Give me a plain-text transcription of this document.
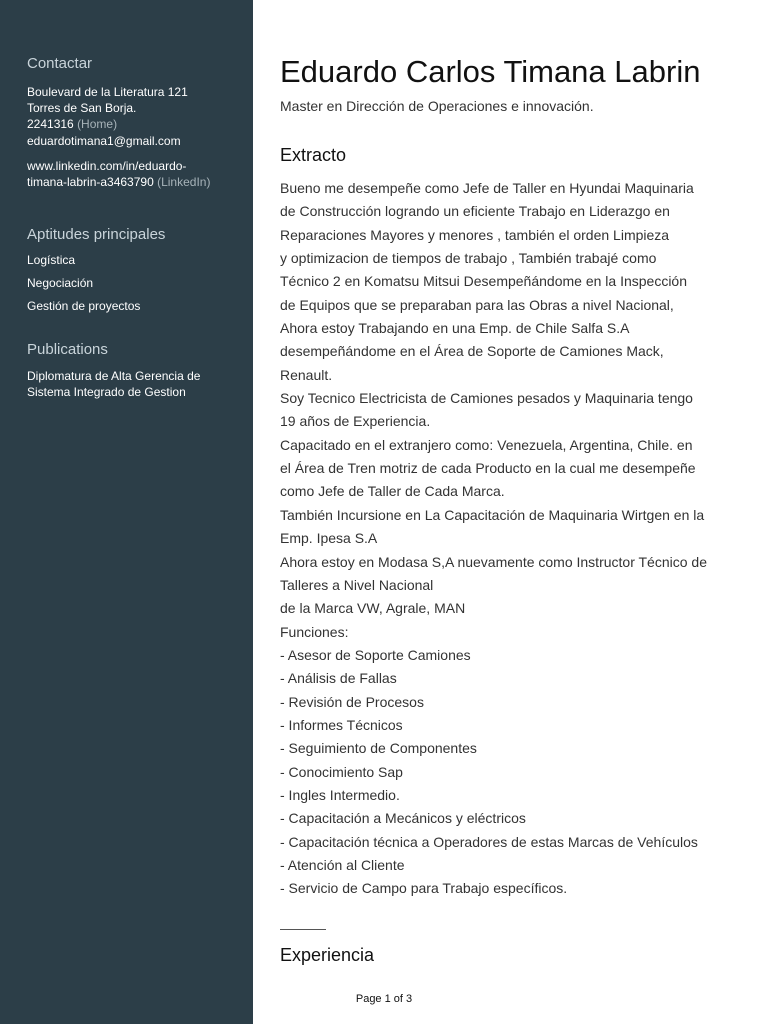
Contactar
Boulevard de la Literatura 121
Torres de San Borja.
2241316 (Home)
eduardotimana1@gmail.com
www.linkedin.com/in/eduardo-
timana-labrin-a3463790 (LinkedIn)
Aptitudes principales
Logística
Negociación
Gestión de proyectos
Publications
Diplomatura de Alta Gerencia de
Sistema Integrado de Gestion
Eduardo Carlos Timana Labrin
Master en Dirección de Operaciones e innovación.
Extracto
Bueno me desempeñe como Jefe de Taller en Hyundai Maquinaria
de Construcción logrando un eficiente Trabajo en Liderazgo en
Reparaciones Mayores y menores , también el orden Limpieza
y optimizacion de tiempos de trabajo , También trabajé como
Técnico 2 en Komatsu Mitsui Desempeñándome en la Inspección
de Equipos que se preparaban para las Obras a nivel Nacional,
Ahora estoy Trabajando en una Emp. de Chile Salfa S.A
desempeñándome en el Área de Soporte de Camiones Mack,
Renault.
Soy Tecnico Electricista de Camiones pesados y Maquinaria tengo
19 años de Experiencia.
Capacitado en el extranjero como: Venezuela, Argentina, Chile. en
el Área de Tren motriz de cada Producto en la cual me desempeñe
como Jefe de Taller de Cada Marca.
También Incursione en La Capacitación de Maquinaria Wirtgen en la
Emp. Ipesa S.A
Ahora estoy en Modasa S,A nuevamente como Instructor Técnico de
Talleres a Nivel Nacional
de la Marca VW, Agrale, MAN
Funciones:
- Asesor de Soporte Camiones
- Análisis de Fallas
- Revisión de Procesos
- Informes Técnicos
- Seguimiento de Componentes
- Conocimiento Sap
- Ingles Intermedio.
- Capacitación a Mecánicos y eléctricos
- Capacitación técnica a Operadores de estas Marcas de Vehículos
- Atención al Cliente
- Servicio de Campo para Trabajo específicos.
Experiencia
Page 1 of 3
